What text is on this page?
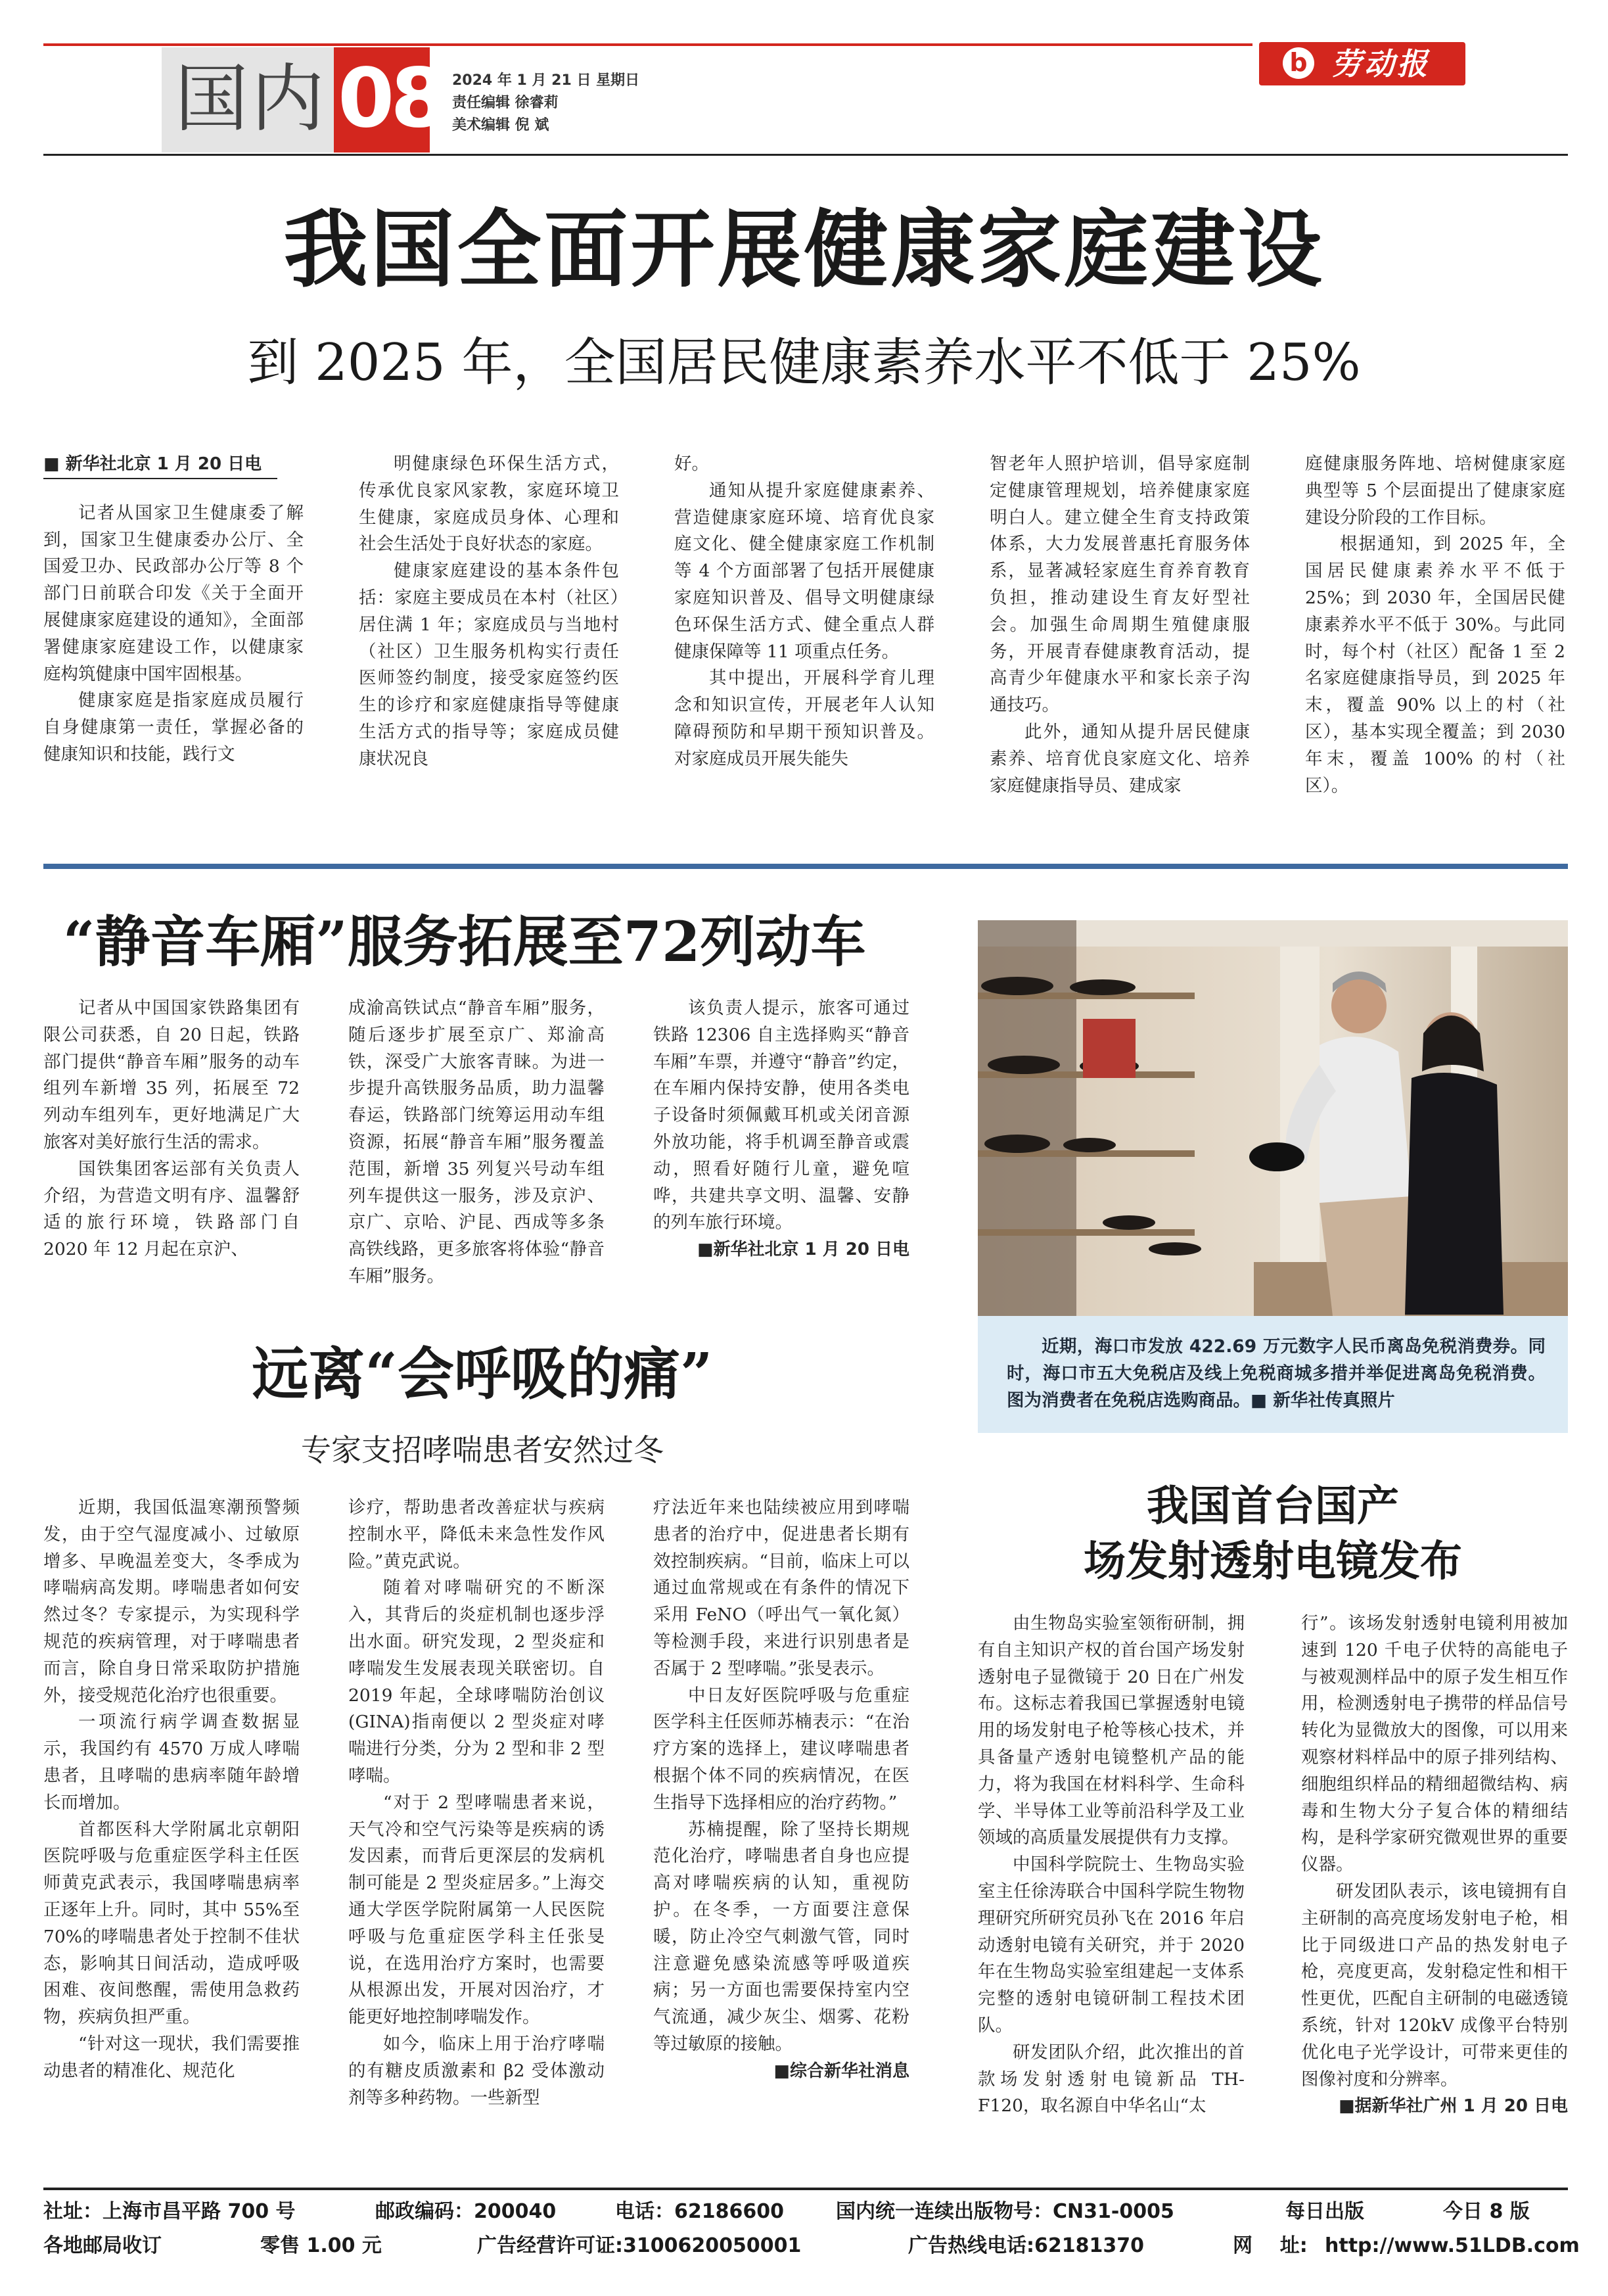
国内 08 2024 年 1 月 21 日 星期日
责任编辑 徐睿莉
美术编辑 倪 斌
b 劳动报
我国全面开展健康家庭建设
到 2025 年，全国居民健康素养水平不低于 25%

■ 新华社北京 1 月 20 日电

记者从国家卫生健康委了解到，国家卫生健康委办公厅、全国爱卫办、民政部办公厅等 8 个部门日前联合印发《关于全面开展健康家庭建设的通知》，全面部署健康家庭建设工作，以健康家庭构筑健康中国牢固根基。

健康家庭是指家庭成员履行自身健康第一责任，掌握必备的健康知识和技能，践行文

明健康绿色环保生活方式，传承优良家风家教，家庭环境卫生健康，家庭成员身体、心理和社会生活处于良好状态的家庭。

健康家庭建设的基本条件包括：家庭主要成员在本村（社区）居住满 1 年；家庭成员与当地村（社区）卫生服务机构实行责任医师签约制度，接受家庭签约医生的诊疗和家庭健康指导等健康生活方式的指导等；家庭成员健康状况良

好。

通知从提升家庭健康素养、营造健康家庭环境、培育优良家庭文化、健全健康家庭工作机制等 4 个方面部署了包括开展健康家庭知识普及、倡导文明健康绿色环保生活方式、健全重点人群健康保障等 11 项重点任务。

其中提出，开展科学育儿理念和知识宣传，开展老年人认知障碍预防和早期干预知识普及。对家庭成员开展失能失

智老年人照护培训，倡导家庭制定健康管理规划，培养健康家庭明白人。建立健全生育支持政策体系，大力发展普惠托育服务体系，显著减轻家庭生育养育教育负担，推动建设生育友好型社会。加强生命周期生殖健康服务，开展青春健康教育活动，提高青少年健康水平和家长亲子沟通技巧。

此外，通知从提升居民健康素养、培育优良家庭文化、培养家庭健康指导员、建成家

庭健康服务阵地、培树健康家庭典型等 5 个层面提出了健康家庭建设分阶段的工作目标。

根据通知，到 2025 年，全国居民健康素养水平不低于 25%；到 2030 年，全国居民健康素养水平不低于 30%。与此同时，每个村（社区）配备 1 至 2 名家庭健康指导员，到 2025 年末，覆盖 90% 以上的村（社区），基本实现全覆盖；到 2030 年末，覆盖 100% 的村（社区）。

“静音车厢”服务拓展至72列动车

记者从中国国家铁路集团有限公司获悉，自 20 日起，铁路部门提供“静音车厢”服务的动车组列车新增 35 列，拓展至 72 列动车组列车，更好地满足广大旅客对美好旅行生活的需求。

国铁集团客运部有关负责人介绍，为营造文明有序、温馨舒适的旅行环境，铁路部门自 2020 年 12 月起在京沪、

成渝高铁试点“静音车厢”服务，随后逐步扩展至京广、郑渝高铁，深受广大旅客青睐。为进一步提升高铁服务品质，助力温馨春运，铁路部门统筹运用动车组资源，拓展“静音车厢”服务覆盖范围，新增 35 列复兴号动车组列车提供这一服务，涉及京沪、京广、京哈、沪昆、西成等多条高铁线路，更多旅客将体验“静音车厢”服务。

该负责人提示，旅客可通过铁路 12306 自主选择购买“静音车厢”车票，并遵守“静音”约定，在车厢内保持安静，使用各类电子设备时须佩戴耳机或关闭音源外放功能，将手机调至静音或震动，照看好随行儿童，避免喧哗，共建共享文明、温馨、安静的列车旅行环境。

■新华社北京 1 月 20 日电

近期，海口市发放 422.69 万元数字人民币离岛免税消费券。同时，海口市五大免税店及线上免税商城多措并举促进离岛免税消费。图为消费者在免税店选购商品。■ 新华社传真照片
远离“会呼吸的痛”
专家支招哮喘患者安然过冬

近期，我国低温寒潮预警频发，由于空气湿度减小、过敏原增多、早晚温差变大，冬季成为哮喘病高发期。哮喘患者如何安然过冬？专家提示，为实现科学规范的疾病管理，对于哮喘患者而言，除自身日常采取防护措施外，接受规范化治疗也很重要。

一项流行病学调查数据显示，我国约有 4570 万成人哮喘患者，且哮喘的患病率随年龄增长而增加。

首都医科大学附属北京朝阳医院呼吸与危重症医学科主任医师黄克武表示，我国哮喘患病率正逐年上升。同时，其中 55%至 70%的哮喘患者处于控制不佳状态，影响其日间活动，造成呼吸困难、夜间憋醒，需使用急救药物，疾病负担严重。

“针对这一现状，我们需要推动患者的精准化、规范化

诊疗，帮助患者改善症状与疾病控制水平，降低未来急性发作风险。”黄克武说。

随着对哮喘研究的不断深入，其背后的炎症机制也逐步浮出水面。研究发现，2 型炎症和哮喘发生发展表现关联密切。自 2019 年起，全球哮喘防治创议(GINA)指南便以 2 型炎症对哮喘进行分类，分为 2 型和非 2 型哮喘。

“对于 2 型哮喘患者来说，天气冷和空气污染等是疾病的诱发因素，而背后更深层的发病机制可能是 2 型炎症居多。”上海交通大学医学院附属第一人民医院呼吸与危重症医学科主任张旻说，在选用治疗方案时，也需要从根源出发，开展对因治疗，才能更好地控制哮喘发作。

如今，临床上用于治疗哮喘的有糖皮质激素和 β2 受体激动剂等多种药物。一些新型

疗法近年来也陆续被应用到哮喘患者的治疗中，促进患者长期有效控制疾病。“目前，临床上可以通过血常规或在有条件的情况下采用 FeNO（呼出气一氧化氮）等检测手段，来进行识别患者是否属于 2 型哮喘。”张旻表示。

中日友好医院呼吸与危重症医学科主任医师苏楠表示：“在治疗方案的选择上，建议哮喘患者根据个体不同的疾病情况，在医生指导下选择相应的治疗药物。”

苏楠提醒，除了坚持长期规范化治疗，哮喘患者自身也应提高对哮喘疾病的认知，重视防护。在冬季，一方面要注意保暖，防止冷空气刺激气管，同时注意避免感染流感等呼吸道疾病；另一方面也需要保持室内空气流通，减少灰尘、烟雾、花粉等过敏原的接触。

■综合新华社消息

我国首台国产
场发射透射电镜发布

由生物岛实验室领衔研制，拥有自主知识产权的首台国产场发射透射电子显微镜于 20 日在广州发布。这标志着我国已掌握透射电镜用的场发射电子枪等核心技术，并具备量产透射电镜整机产品的能力，将为我国在材料科学、生命科学、半导体工业等前沿科学及工业领域的高质量发展提供有力支撑。

中国科学院院士、生物岛实验室主任徐涛联合中国科学院生物物理研究所研究员孙飞在 2016 年启动透射电镜有关研究，并于 2020 年在生物岛实验室组建起一支体系完整的透射电镜研制工程技术团队。

研发团队介绍，此次推出的首款场发射透射电镜新品 TH-F120，取名源自中华名山“太

行”。该场发射透射电镜利用被加速到 120 千电子伏特的高能电子与被观测样品中的原子发生相互作用，检测透射电子携带的样品信号转化为显微放大的图像，可以用来观察材料样品中的原子排列结构、细胞组织样品的精细超微结构、病毒和生物大分子复合体的精细结构，是科学家研究微观世界的重要仪器。

研发团队表示，该电镜拥有自主研制的高亮度场发射电子枪，相比于同级进口产品的热发射电子枪，亮度更高，发射稳定性和相干性更优，匹配自主研制的电磁透镜系统，针对 120kV 成像平台特别优化电子光学设计，可带来更佳的图像衬度和分辨率。

■据新华社广州 1 月 20 日电

社址：上海市昌平路 700 号	邮政编码：200040	电话：62186600	国内统一连续出版物号：CN31-0005	每日出版	今日 8 版
各地邮局收订	零售 1.00 元	广告经营许可证:3100620050001	广告热线电话:62181370	网    址: http://www.51LDB.com
